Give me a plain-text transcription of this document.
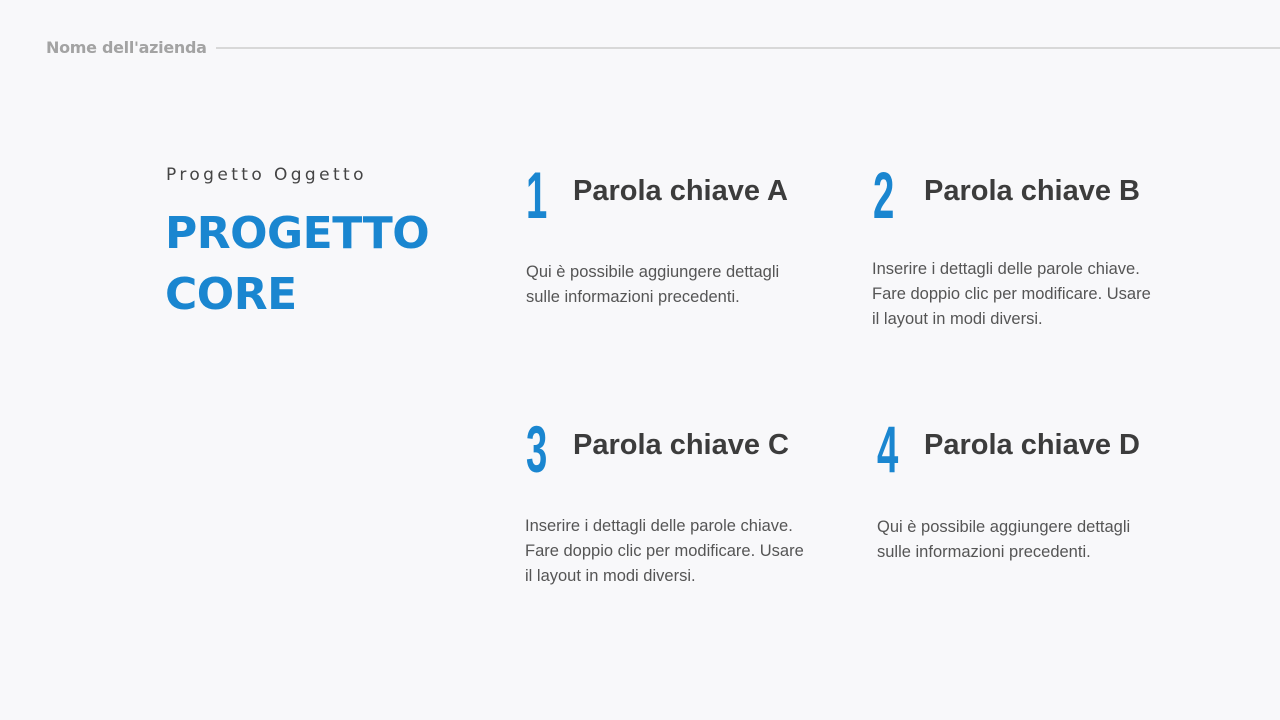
Nome dell'azienda
Progetto Oggetto
PROGETTO
CORE
1 Parola chiave A

Qui è possibile aggiungere dettagli
sulle informazioni precedenti.

2 Parola chiave B

Inserire i dettagli delle parole chiave.
Fare doppio clic per modificare. Usare
il layout in modi diversi.

3 Parola chiave C

Inserire i dettagli delle parole chiave.
Fare doppio clic per modificare. Usare
il layout in modi diversi.

4 Parola chiave D

Qui è possibile aggiungere dettagli
sulle informazioni precedenti.
